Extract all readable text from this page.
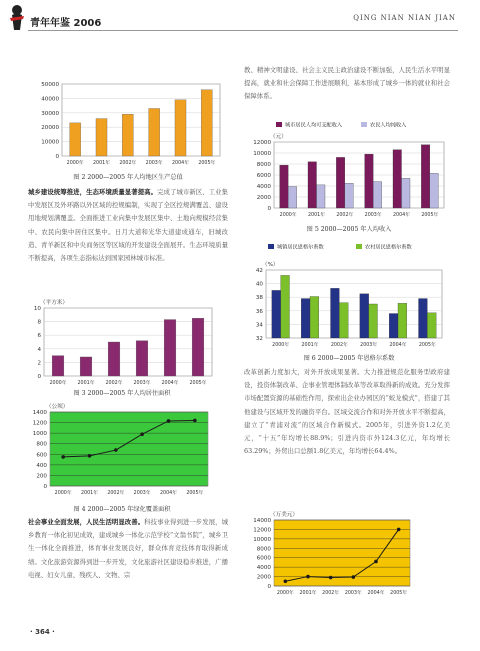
青年年鉴 2006	QING NIAN NIAN JIAN
0
10000
20000
30000
40000
50000
2000年 2001年 2002年 2003年 2004年 2005年
图 2 2000—2005 年人均地区生产总值
城乡建设统筹推进，生态环境质量显著提高。完成了城市新区、工业集中发展区及外环路以外区域的控规编制，实现了全区控规满覆盖、建设用地规划满覆盖。全面推进工业向集中发展区集中、土地向规模经营集中、农民向集中居住区集中。日月大道和光华大道建成通车，旧城改造、青羊新区和中央商务区等区域的开发建设全面展开。生态环境质量不断提高，各项生态指标达到国家园林城市标准。
0
2
4
6
8
10
2000年 2001年 2002年 2003年 2004年 2005年
（平方米）
图 3 2000—2005 年人均居住面积
0
200
400
600
800
1000
1200
1400
2000年 2001年 2002年 2003年 2004年 2005年
（公顷）
图 4 2000—2005 年绿化覆盖面积
社会事业全面发展，人民生活明显改善。科技事业得到进一步发展，城乡教育一体化初见成效，建成城乡一体化示范学校“文翁书院”，城乡卫生一体化全面推进，体育事业发展良好，群众体育竞技体育取得新成绩。文化旅游资源得到进一步开发，文化旅游社区建设稳步推进，广播电视、妇女儿童、残疾人、文物、宗
教、精神文明建设、社会主义民主政治建设不断加强，人民生活水平明显提高，就业和社会保障工作进展顺利，基本形成了城乡一体的就业和社会保障体系。
0
2000
4000
6000
8000
10000
12000
2000年 2001年 2002年 2003年 2004年 2005年
（元）
城市居民人均可支配收入	农民人均纯收入
图 5 2000—2005 年人均收入
32
34
36
38
40
42
2000年	2001年	2002年	2003年	2004年	2005年
（%）
城镇居民恩格尔系数	农村居民恩格尔系数
图 6 2000—2005 年恩格尔系数
改革创新力度加大，对外开放成果显著。大力推进规范化服务型政府建设，投资体制改革、企事业管理体制改革等改革取得新的成效。充分发挥市场配置资源的基础性作用，探索出企业办园区的“蛟龙模式”，搭建了其他建设与区域开发的融资平台。区域交流合作和对外开放水平不断提高，建立了“青浦对流”的区域合作新模式。2005年，引进外资1.2亿美元，“十五”年均增长88.9%；引进内资市外124.3亿元，年均增长63.29%；外贸出口总额1.8亿美元，年均增长64.4%。
0
2000
4000
6000
8000
10000
12000
14000
2000年 2001年 2002年 2003年 2004年 2005年
（万美元）
· 364 ·
